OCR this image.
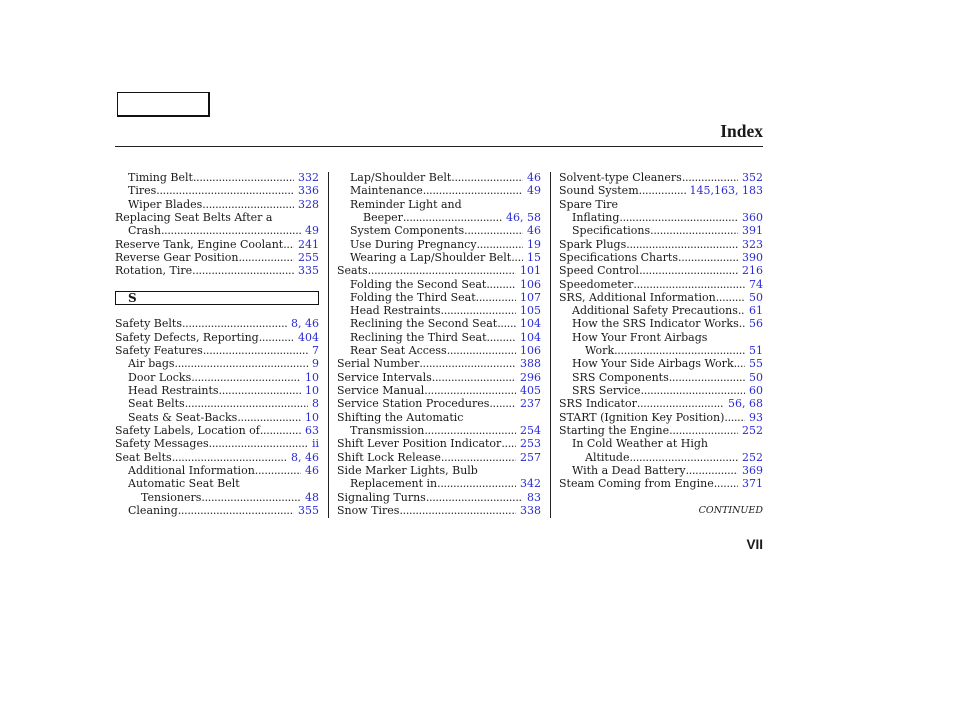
Index
Timing Belt .....	332
Tires .....	336
Wiper Blades .....	328
Replacing Seat Belts After a
Crash .....	49
Reserve Tank, Engine Coolant .....	241
Reverse Gear Position .....	255
Rotation, Tire .....	335
S
Safety Belts .....	8, 46
Safety Defects, Reporting .....	404
Safety Features .....	7
Air bags .....	9
Door Locks .....	10
Head Restraints .....	10
Seat Belts .....	8
Seats & Seat-Backs .....	10
Safety Labels, Location of .....	63
Safety Messages .....	ii
Seat Belts .....	8, 46
Additional Information .....	46
Automatic Seat Belt
Tensioners .....	48
Cleaning .....	355
Lap/Shoulder Belt .....	46
Maintenance .....	49
Reminder Light and
Beeper .....	46, 58
System Components .....	46
Use During Pregnancy .....	19
Wearing a Lap/Shoulder Belt .....	15
Seats .....	101
Folding the Second Seat .....	106
Folding the Third Seat .....	107
Head Restraints .....	105
Reclining the Second Seat .....	104
Reclining the Third Seat .....	104
Rear Seat Access .....	106
Serial Number .....	388
Service Intervals .....	296
Service Manual .....	405
Service Station Procedures .....	237
Shifting the Automatic
Transmission .....	254
Shift Lever Position Indicator .....	253
Shift Lock Release .....	257
Side Marker Lights, Bulb
Replacement in .....	342
Signaling Turns .....	83
Snow Tires .....	338
Solvent-type Cleaners .....	352
Sound System .....	145,163, 183
Spare Tire
Inflating .....	360
Specifications .....	391
Spark Plugs .....	323
Specifications Charts .....	390
Speed Control .....	216
Speedometer .....	74
SRS, Additional Information .....	50
Additional Safety Precautions .....	61
How the SRS Indicator Works ..... 56
How Your Front Airbags
Work .....	51
How Your Side Airbags Work .....	55
SRS Components .....	50
SRS Service .....	60
SRS Indicator .....	56, 68
START (Ignition Key Position) .....	93
Starting the Engine .....	252
In Cold Weather at High
Altitude .....	252
With a Dead Battery .....	369
Steam Coming from Engine .....	371
CONTINUED
VII
